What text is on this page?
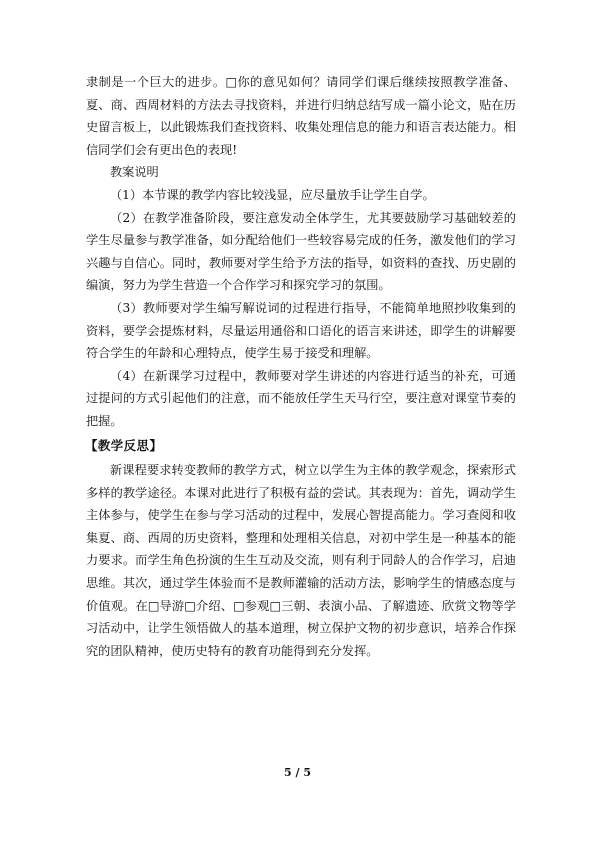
隶制是一个巨大的进步。□你的意见如何？请同学们课后继续按照教学准备、夏、商、西周材料的方法去寻找资料，并进行归纳总结写成一篇小论文，贴在历史留言板上，以此锻炼我们查找资料、收集处理信息的能力和语言表达能力。相信同学们会有更出色的表现!

教案说明

（1）本节课的教学内容比较浅显，应尽量放手让学生自学。

（2）在教学准备阶段，要注意发动全体学生，尤其要鼓励学习基础较差的学生尽量参与教学准备，如分配给他们一些较容易完成的任务，激发他们的学习兴趣与自信心。同时，教师要对学生给予方法的指导，如资料的查找、历史剧的编演，努力为学生营造一个合作学习和探究学习的氛围。

（3）教师要对学生编写解说词的过程进行指导，不能简单地照抄收集到的资料，要学会提炼材料，尽量运用通俗和口语化的语言来讲述，即学生的讲解要符合学生的年龄和心理特点，使学生易于接受和理解。

（4）在新课学习过程中，教师要对学生讲述的内容进行适当的补充，可通过提问的方式引起他们的注意，而不能放任学生天马行空，要注意对课堂节奏的把握。

【教学反思】

新课程要求转变教师的教学方式，树立以学生为主体的教学观念，探索形式多样的教学途径。本课对此进行了积极有益的尝试。其表现为：首先，调动学生主体参与，使学生在参与学习活动的过程中，发展心智提高能力。学习查阅和收集夏、商、西周的历史资料，整理和处理相关信息，对初中学生是一种基本的能力要求。而学生角色扮演的生生互动及交流，则有利于同龄人的合作学习，启迪思维。其次，通过学生体验而不是教师灌输的活动方法，影响学生的情感态度与价值观。在□导游□介绍、□参观□三朝、表演小品、了解遗迹、欣赏文物等学习活动中，让学生领悟做人的基本道理，树立保护文物的初步意识，培养合作探究的团队精神，使历史特有的教育功能得到充分发挥。

5 / 5
